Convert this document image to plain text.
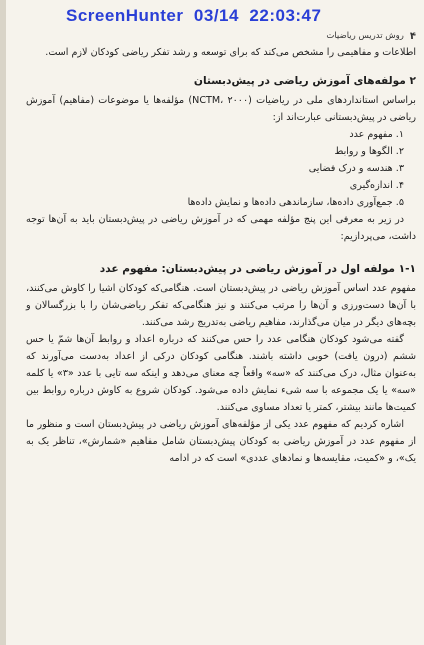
ScreenHunter  03/14  22:03:47
۴
روش تدریس ریاضیات

اطلاعات و مفاهیمی را مشخص می‌کند که برای توسعه و رشد تفکر ریاضی کودکان لازم است.

۲ مولفه‌های آموزش ریاضی در پیش‌دبستان

براساس استانداردهای ملی در ریاضیات (NCTM، ۲۰۰۰) مؤلفه‌ها یا موضوعات (مفاهیم) آموزش ریاضی در پیش‌دبستانی عبارت‌اند از:

۱. مفهوم عدد
۲. الگوها و روابط
۳. هندسه و درک فضایی
۴. اندازه‌گیری
۵. جمع‌آوری داده‌ها، سازماندهی داده‌ها و نمایش داده‌ها

در زیر به معرفی این پنج مؤلفه مهمی که در آموزش ریاضی در پیش‌دبستان باید به آن‌ها توجه داشت، می‌پردازیم:

۱-۱ مولفه اول در آموزش ریاضی در پیش‌دبستان: مفهوم عدد

مفهوم عدد اساس آموزش ریاضی در پیش‌دبستان است. هنگامی‌که کودکان اشیا را کاوش می‌کنند، با آن‌ها دست‌ورزی و آن‌ها را مرتب می‌کنند و نیز هنگامی‌که تفکر ریاضی‌شان را با بزرگسالان و بچه‌های دیگر در میان می‌گذارند، مفاهیم ریاضی به‌تدریج رشد می‌کنند.

گفته می‌شود کودکان هنگامی عدد را حس می‌کنند که درباره اعداد و روابط آن‌ها شمّ یا حس ششم (درون یافت) خوبی داشته باشند. هنگامی کودکان درکی از اعداد به‌دست می‌آورند که به‌عنوان مثال، درک می‌کنند که «سه» واقعاً چه معنای می‌دهد و اینکه سه تایی با عدد «۳» یا کلمه «سه» یا یک مجموعه با سه شیء نمایش داده می‌شود. کودکان شروع به کاوش درباره روابط بین کمیت‌ها مانند بیشتر، کمتر یا تعداد مساوی می‌کنند.

اشاره کردیم که مفهوم عدد یکی از مؤلفه‌های آموزش ریاضی در پیش‌دبستان است و منظور ما از مفهوم عدد در آموزش ریاضی به کودکان پیش‌دبستان شامل مفاهیم «شمارش»، تناظر یک به یک»، و «کمیت، مقایسه‌ها و نمادهای عددی» است که در ادامه
